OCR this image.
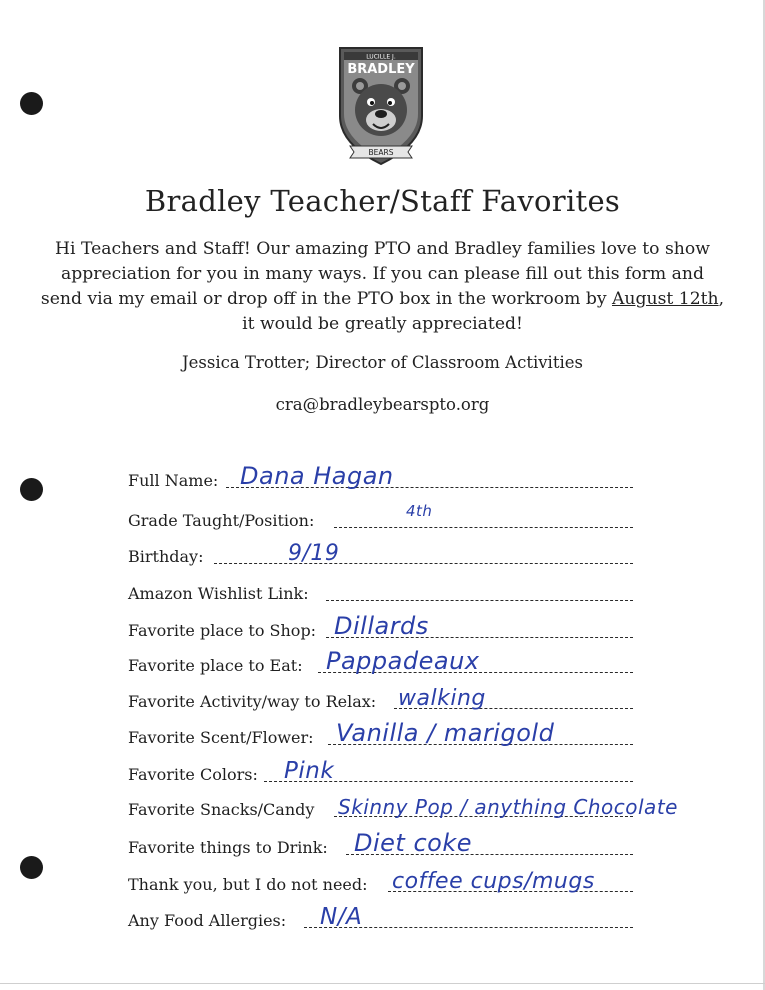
LUCILLE J.
BRADLEY
BEARS
Bradley Teacher/Staff Favorites
Hi Teachers and Staff! Our amazing PTO and Bradley families love to show appreciation for you in many ways. If you can please fill out this form and send via my email or drop off in the PTO box in the workroom by August 12th, it would be greatly appreciated!
Jessica Trotter; Director of Classroom Activities
cra@bradleybearspto.org
Full Name: Dana Hagan
Grade Taught/Position:	4th
Birthday:	9/19
Amazon Wishlist Link:
Favorite place to Shop: Dillards
Favorite place to Eat: Pappadeaux
Favorite Activity/way to Relax: walking
Favorite Scent/Flower: Vanilla / marigold
Favorite Colors: Pink
Favorite Snacks/Candy Skinny Pop / anything Chocolate
Favorite things to Drink: Diet coke
Thank you, but I do not need: coffee cups/mugs
Any Food Allergies: N/A
